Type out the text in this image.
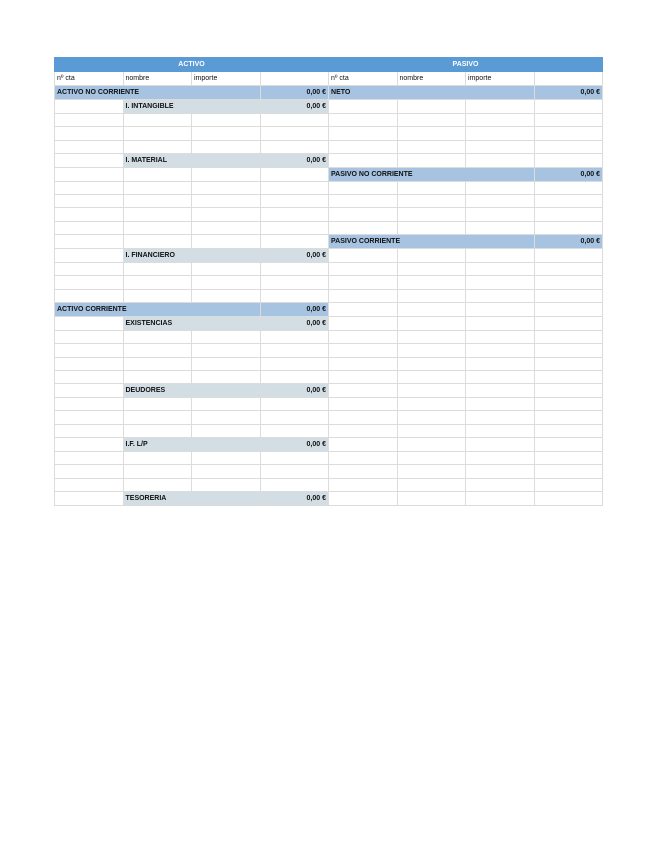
ACTIVO				PASIVO			
nº cta	nombre	importe		nº cta	nombre	importe	
ACTIVO NO CORRIENTE			0,00 €	NETO			0,00 €
	I. INTANGIBLE		0,00 €				

	I. MATERIAL		0,00 €				
				PASIVO NO CORRIENTE			0,00 €

				PASIVO CORRIENTE			0,00 €
	I. FINANCIERO		0,00 €				

ACTIVO CORRIENTE			0,00 €				
	EXISTENCIAS		0,00 €				

	DEUDORES		0,00 €				

	I.F. L/P		0,00 €				

	TESORERIA		0,00 €				
